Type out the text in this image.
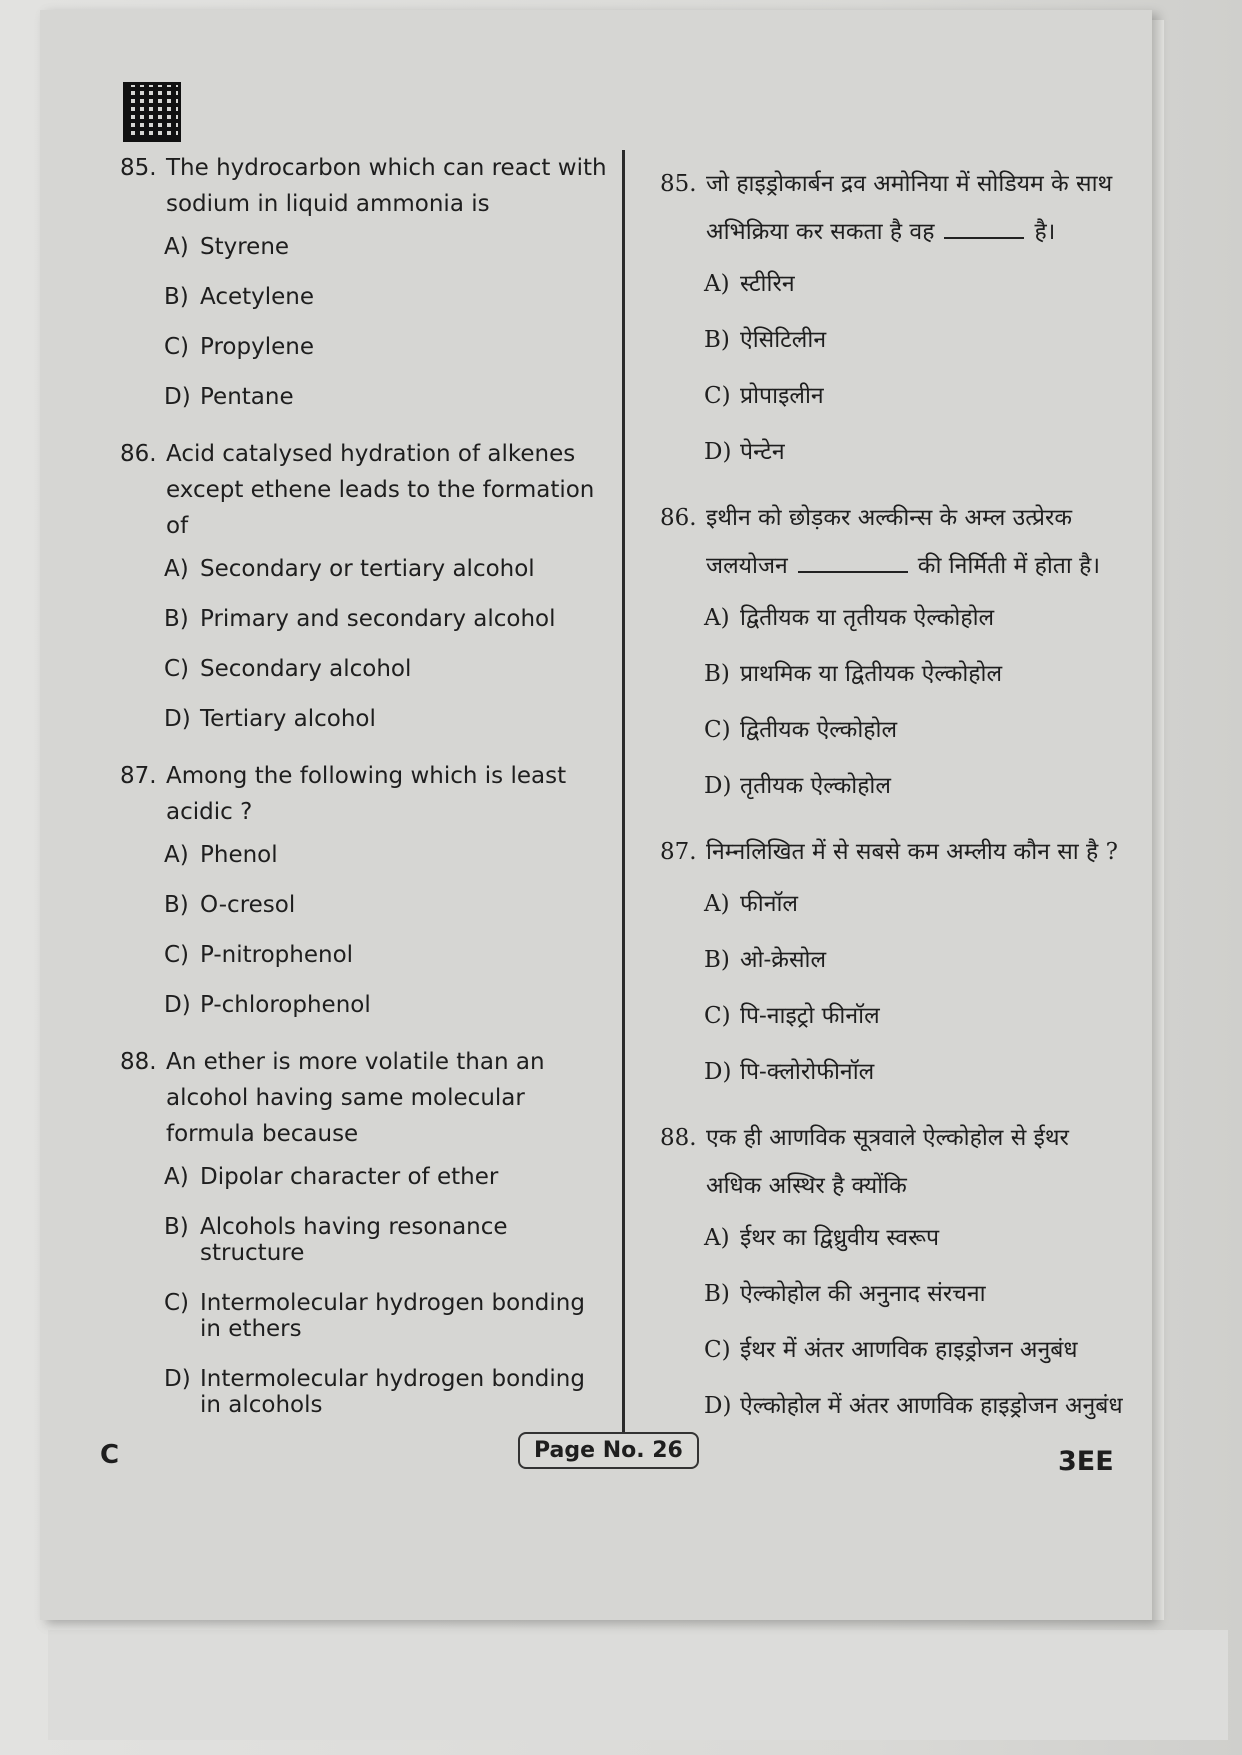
85. The hydrocarbon which can react with sodium in liquid ammonia is
A) Styrene
B) Acetylene
C) Propylene
D) Pentane
86. Acid catalysed hydration of alkenes except ethene leads to the formation of
A) Secondary or tertiary alcohol
B) Primary and secondary alcohol
C) Secondary alcohol
D) Tertiary alcohol
87. Among the following which is least acidic ?
A) Phenol
B) O-cresol
C) P-nitrophenol
D) P-chlorophenol
88. An ether is more volatile than an alcohol having same molecular formula because
A) Dipolar character of ether
B) Alcohols having resonance structure
C) Intermolecular hydrogen bonding in ethers
D) Intermolecular hydrogen bonding in alcohols
85. जो हाइड्रोकार्बन द्रव अमोनिया में सोडियम के साथ अभिक्रिया कर सकता है वह	है।
A) स्टीरिन
B) ऐसिटिलीन
C) प्रोपाइलीन
D) पेन्टेन
86. इथीन को छोड़कर अल्कीन्स के अम्ल उत्प्रेरक जलयोजन	की निर्मिती में होता है।
A) द्वितीयक या तृतीयक ऐल्कोहोल
B) प्राथमिक या द्वितीयक ऐल्कोहोल
C) द्वितीयक ऐल्कोहोल
D) तृतीयक ऐल्कोहोल
87. निम्नलिखित में से सबसे कम अम्लीय कौन सा है ?
A) फीनॉल
B) ओ-क्रेसोल
C) पि-नाइट्रो फीनॉल
D) पि-क्लोरोफीनॉल
88. एक ही आणविक सूत्रवाले ऐल्कोहोल से ईथर अधिक अस्थिर है क्योंकि
A) ईथर का द्विध्रुवीय स्वरूप
B) ऐल्कोहोल की अनुनाद संरचना
C) ईथर में अंतर आणविक हाइड्रोजन अनुबंध
D) ऐल्कोहोल में अंतर आणविक हाइड्रोजन अनुबंध
C	Page No. 26	3EE
